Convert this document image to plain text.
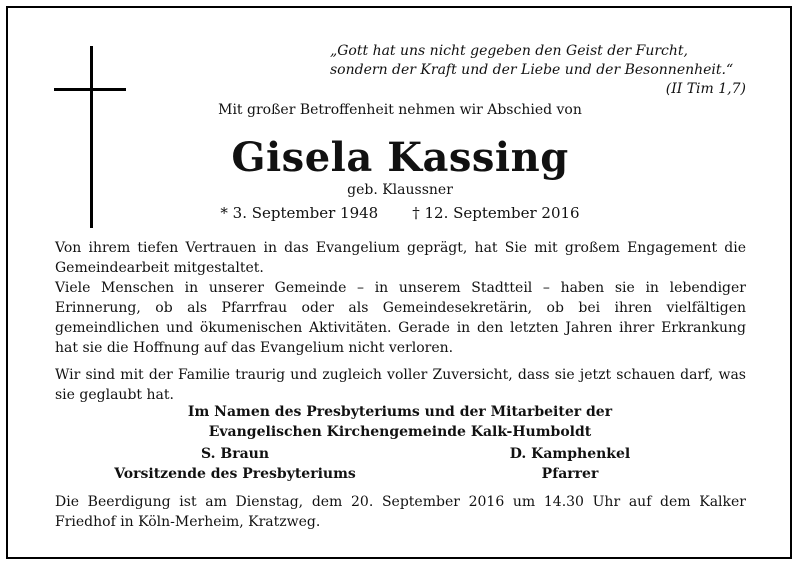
„Gott hat uns nicht gegeben den Geist der Furcht,
sondern der Kraft und der Liebe und der Besonnenheit.“
(II Tim 1,7)
Mit großer Betroffenheit nehmen wir Abschied von
Gisela Kassing
geb. Klaussner
* 3. September 1948 † 12. September 2016

Von ihrem tiefen Vertrauen in das Evangelium geprägt, hat Sie mit großem Engagement die Gemeindearbeit mitgestaltet.

Viele Menschen in unserer Gemeinde – in unserem Stadtteil – haben sie in lebendiger Erinnerung, ob als Pfarrfrau oder als Gemeindesekretärin, ob bei ihren vielfältigen gemeindlichen und ökumenischen Aktivitäten. Gerade in den letzten Jahren ihrer Erkrankung hat sie die Hoffnung auf das Evangelium nicht verloren.

Wir sind mit der Familie traurig und zugleich voller Zuversicht, dass sie jetzt schauen darf, was sie geglaubt hat.

Im Namen des Presbyteriums und der Mitarbeiter der
Evangelischen Kirchengemeinde Kalk-Humboldt
S. Braun
Vorsitzende des Presbyteriums
D. Kamphenkel
Pfarrer
Die Beerdigung ist am Dienstag, dem 20. September 2016 um 14.30 Uhr auf dem Kalker Friedhof in Köln-Merheim, Kratzweg.
